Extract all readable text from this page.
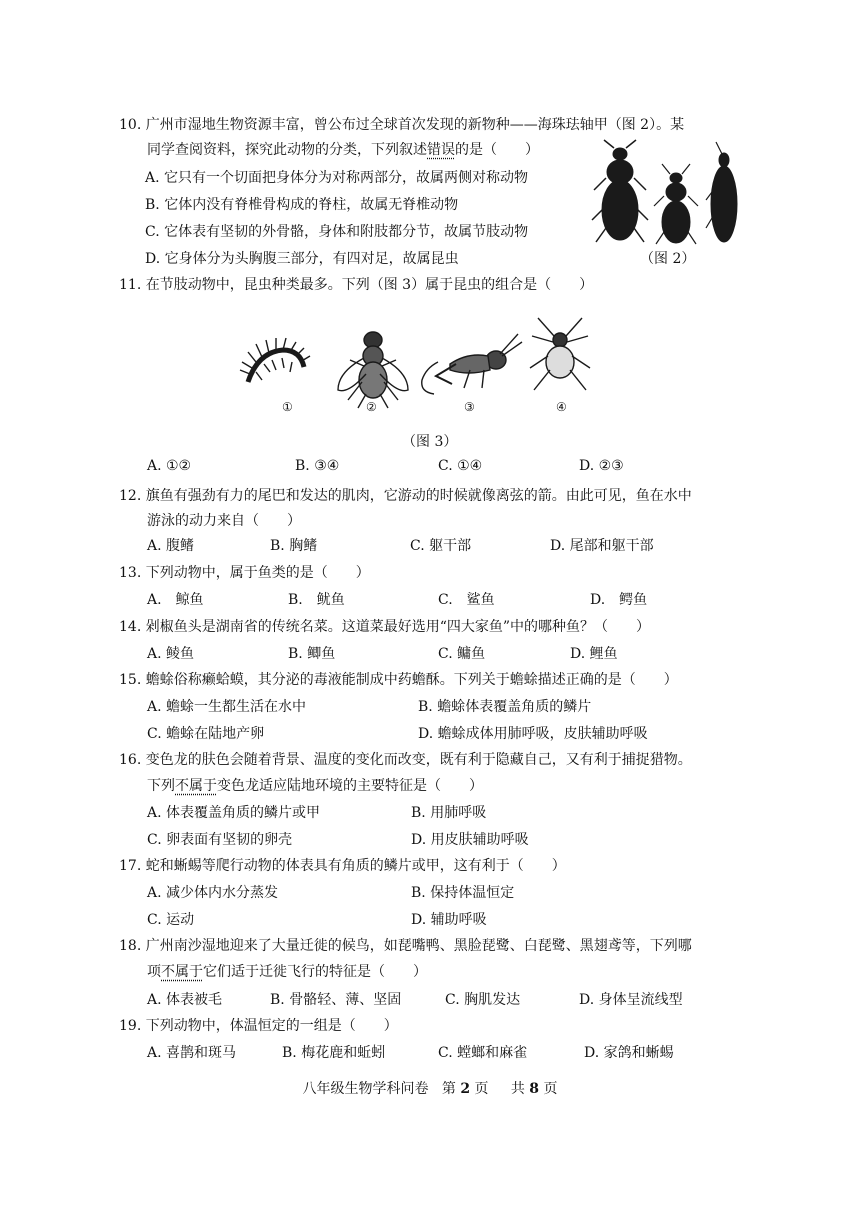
10. 广州市湿地生物资源丰富，曾公布过全球首次发现的新物种——海珠珐轴甲（图 2）。某
同学查阅资料，探究此动物的分类，下列叙述错误的是（　　）
A. 它只有一个切面把身体分为对称两部分，故属两侧对称动物
B. 它体内没有脊椎骨构成的脊柱，故属无脊椎动物
C. 它体表有坚韧的外骨骼，身体和附肢都分节，故属节肢动物
D. 它身体分为头胸腹三部分，有四对足，故属昆虫	（图 2）
11. 在节肢动物中，昆虫种类最多。下列（图 3）属于昆虫的组合是（　　）
①	②	③	④
（图 3）
A. ①②	B. ③④	C. ①④	D. ②③
12. 旗鱼有强劲有力的尾巴和发达的肌肉，它游动的时候就像离弦的箭。由此可见，鱼在水中
游泳的动力来自（　　）
A. 腹鳍	B. 胸鳍	C. 躯干部	D. 尾部和躯干部
13. 下列动物中，属于鱼类的是（　　）
A.　鲸鱼	B.　鱿鱼	C.　鲨鱼	D.　鳄鱼
14. 剁椒鱼头是湖南省的传统名菜。这道菜最好选用“四大家鱼”中的哪种鱼？（　　）
A. 鲮鱼	B. 鲫鱼	C. 鳙鱼	D. 鲤鱼
15. 蟾蜍俗称癞蛤蟆，其分泌的毒液能制成中药蟾酥。下列关于蟾蜍描述正确的是（　　）
A. 蟾蜍一生都生活在水中	B. 蟾蜍体表覆盖角质的鳞片
C. 蟾蜍在陆地产卵	D. 蟾蜍成体用肺呼吸，皮肤辅助呼吸
16. 变色龙的肤色会随着背景、温度的变化而改变，既有利于隐藏自己，又有利于捕捉猎物。
下列不属于变色龙适应陆地环境的主要特征是（　　）
A. 体表覆盖角质的鳞片或甲	B. 用肺呼吸
C. 卵表面有坚韧的卵壳	D. 用皮肤辅助呼吸
17. 蛇和蜥蜴等爬行动物的体表具有角质的鳞片或甲，这有利于（　　）
A. 减少体内水分蒸发	B. 保持体温恒定
C. 运动	D. 辅助呼吸
18. 广州南沙湿地迎来了大量迁徙的候鸟，如琵嘴鸭、黑脸琵鹭、白琵鹭、黑翅鸢等，下列哪
项不属于它们适于迁徙飞行的特征是（　　）
A. 体表被毛	B. 骨骼轻、薄、坚固	C. 胸肌发达	D. 身体呈流线型
19. 下列动物中，体温恒定的一组是（　　）
A. 喜鹊和斑马	B. 梅花鹿和蚯蚓	C. 螳螂和麻雀	D. 家鸽和蜥蜴
八年级生物学科问卷 第 2 页 共 8 页
